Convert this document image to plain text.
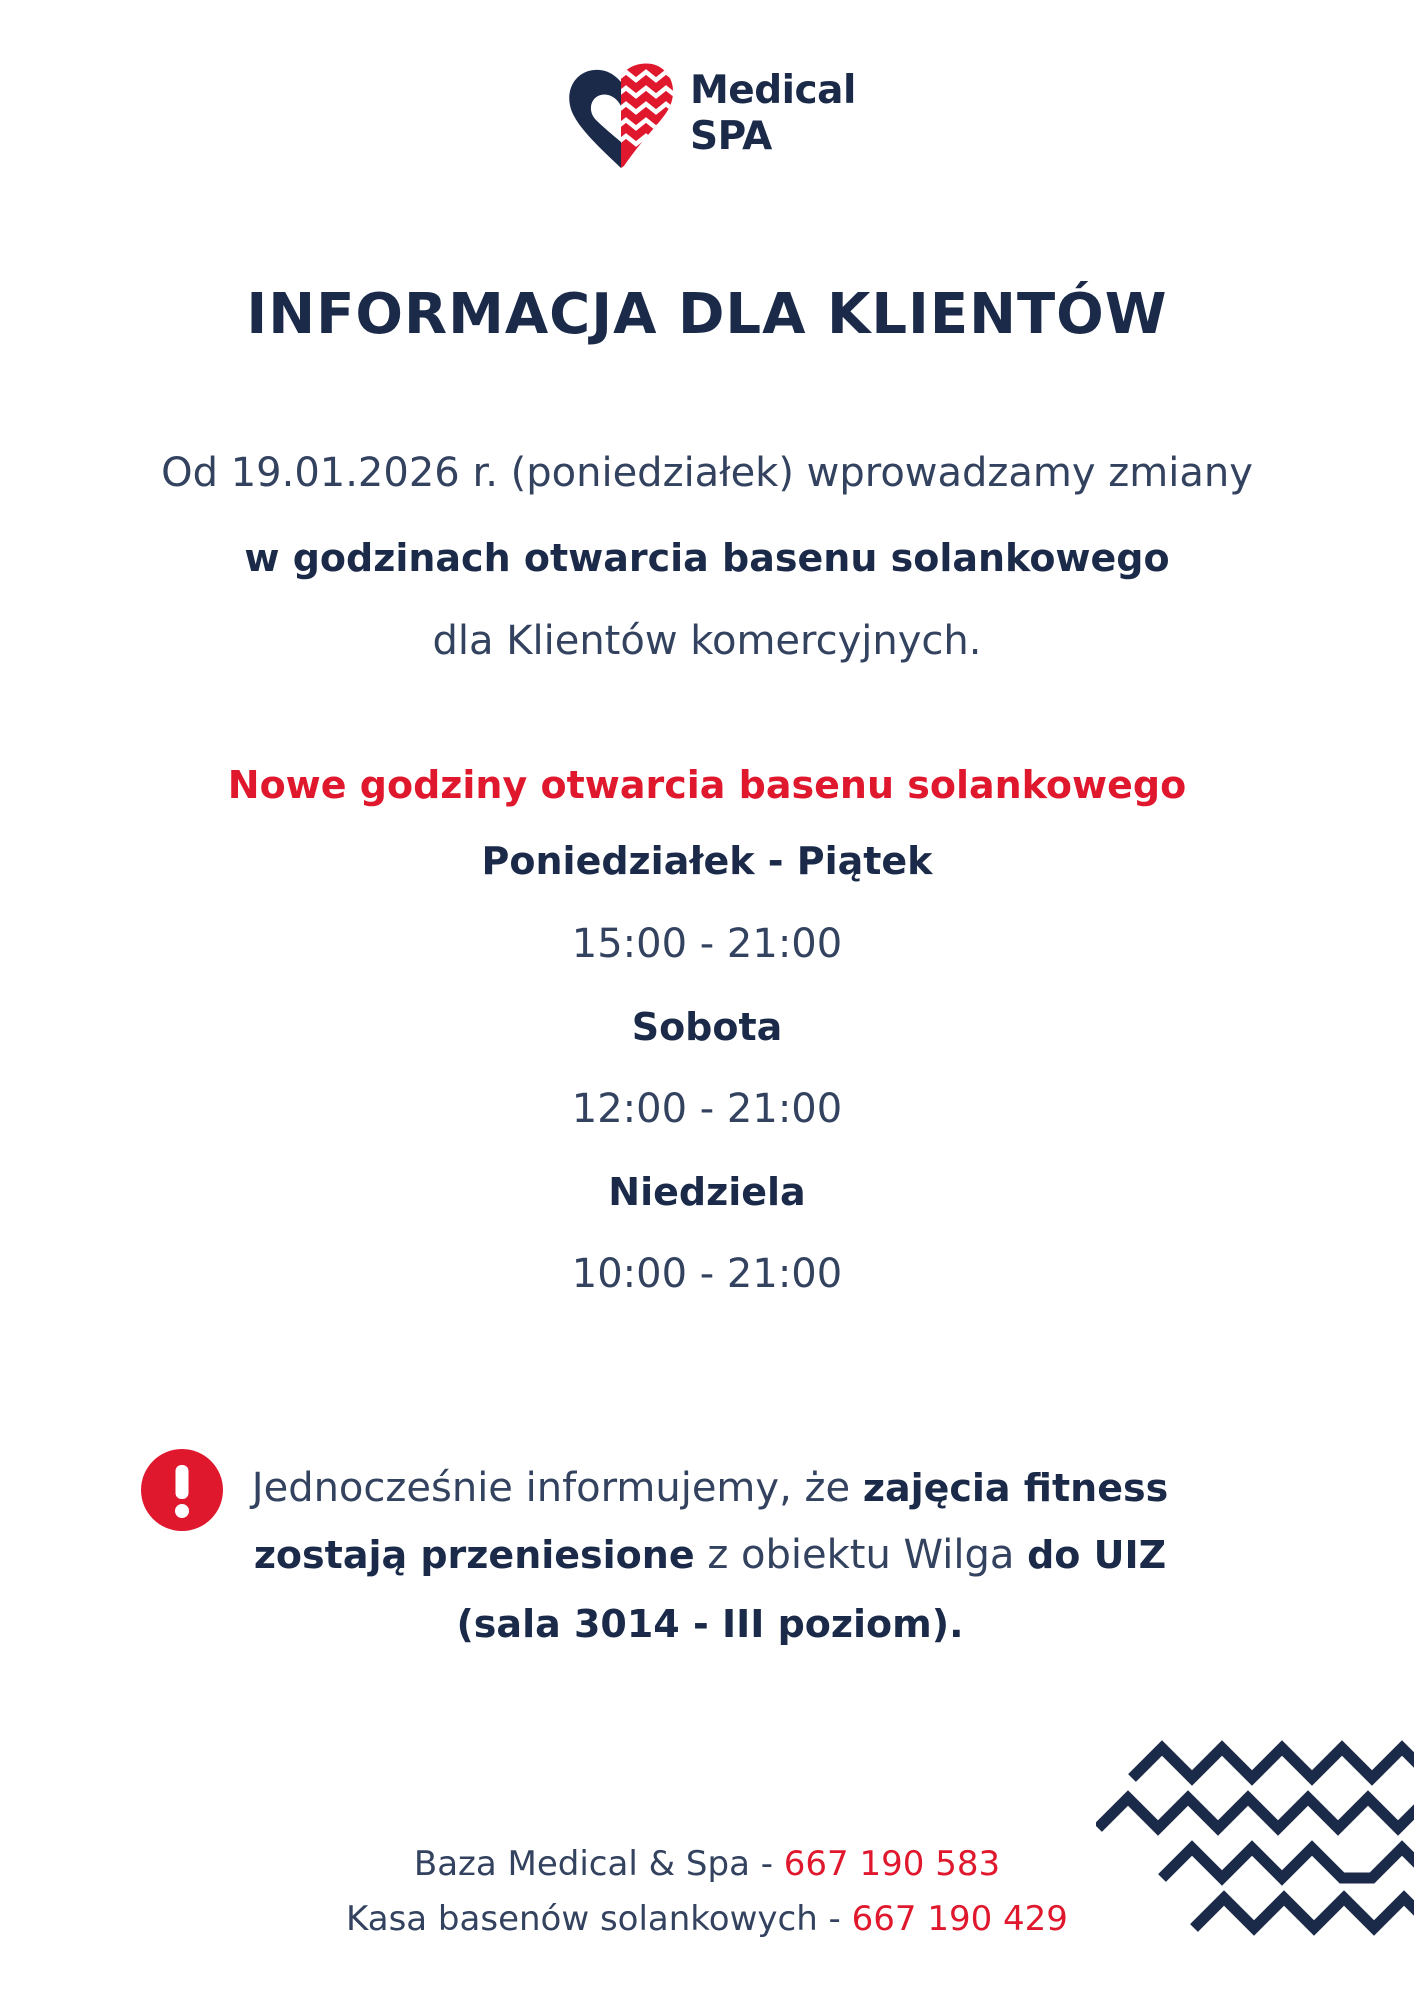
Medical
SPA
INFORMACJA DLA KLIENTÓW
Od 19.01.2026 r. (poniedziałek) wprowadzamy zmiany
w godzinach otwarcia basenu solankowego
dla Klientów komercyjnych.
Nowe godziny otwarcia basenu solankowego
Poniedziałek - Piątek
15:00 - 21:00
Sobota
12:00 - 21:00
Niedziela
10:00 - 21:00
Jednocześnie informujemy, że zajęcia fitness
zostają przeniesione z obiektu Wilga do UIZ
(sala 3014 - III poziom).
Baza Medical & Spa - 667 190 583
Kasa basenów solankowych - 667 190 429
